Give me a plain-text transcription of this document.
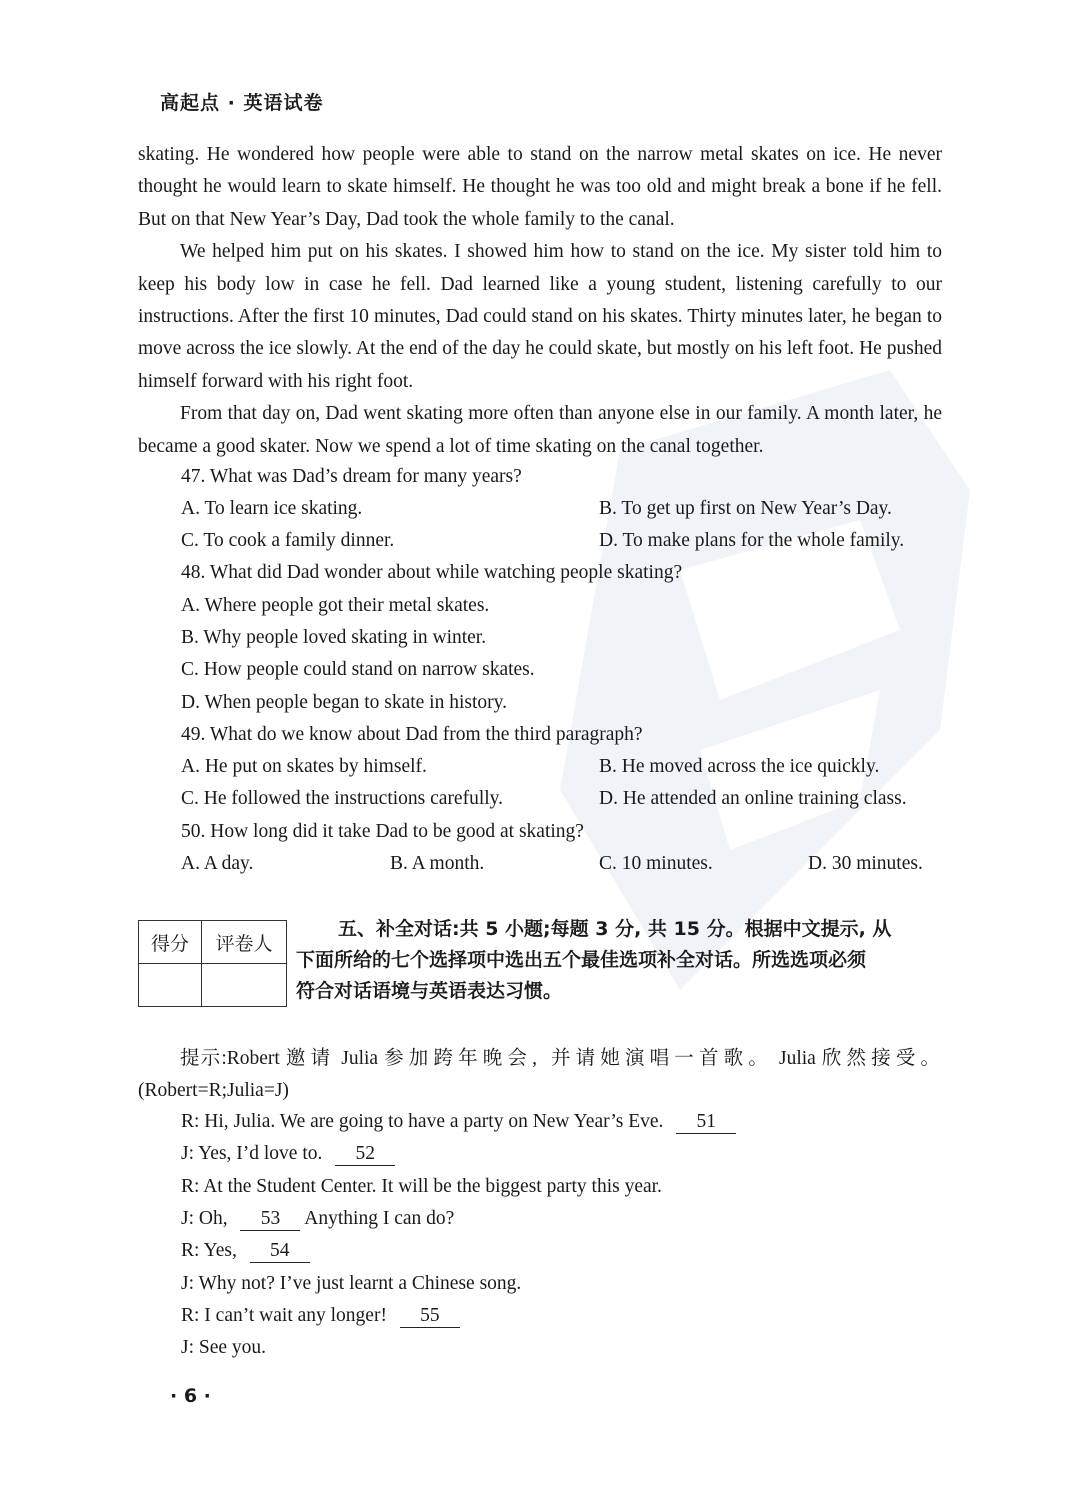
高起点 · 英语试卷

skating. He wondered how people were able to stand on the narrow metal skates on ice. He never thought he would learn to skate himself. He thought he was too old and might break a bone if he fell. But on that New Year’s Day, Dad took the whole family to the canal.

We helped him put on his skates. I showed him how to stand on the ice. My sister told him to keep his body low in case he fell. Dad learned like a young student, listening carefully to our instructions. After the first 10 minutes, Dad could stand on his skates. Thirty minutes later, he began to move across the ice slowly. At the end of the day he could skate, but mostly on his left foot. He pushed himself forward with his right foot.

From that day on, Dad went skating more often than anyone else in our family. A month later, he became a good skater. Now we spend a lot of time skating on the canal together.

47. What was Dad’s dream for many years?
A. To learn ice skating.	B. To get up first on New Year’s Day.
C. To cook a family dinner.	D. To make plans for the whole family.
48. What did Dad wonder about while watching people skating?
A. Where people got their metal skates.
B. Why people loved skating in winter.
C. How people could stand on narrow skates.
D. When people began to skate in history.
49. What do we know about Dad from the third paragraph?
A. He put on skates by himself.	B. He moved across the ice quickly.
C. He followed the instructions carefully.	D. He attended an online training class.
50. How long did it take Dad to be good at skating?
A. A day.	B. A month.	C. 10 minutes.	D. 30 minutes.
得分	评卷人

五、补全对话:共 5 小题;每题 3 分, 共 15 分。根据中文提示, 从
下面所给的七个选择项中选出五个最佳选项补全对话。所选选项必须
符合对话语境与英语表达习惯。
提示:Robert 邀请 Julia 参加跨年晚会, 并请她演唱一首歌。 Julia 欣然接受。
(Robert=R;Julia=J)
R: Hi, Julia. We are going to have a party on New Year’s Eve. 51
J: Yes, I’d love to. 52
R: At the Student Center. It will be the biggest party this year.
J: Oh, 53 Anything I can do?
R: Yes, 54
J: Why not? I’ve just learnt a Chinese song.
R: I can’t wait any longer! 55
J: See you.
· 6 ·
